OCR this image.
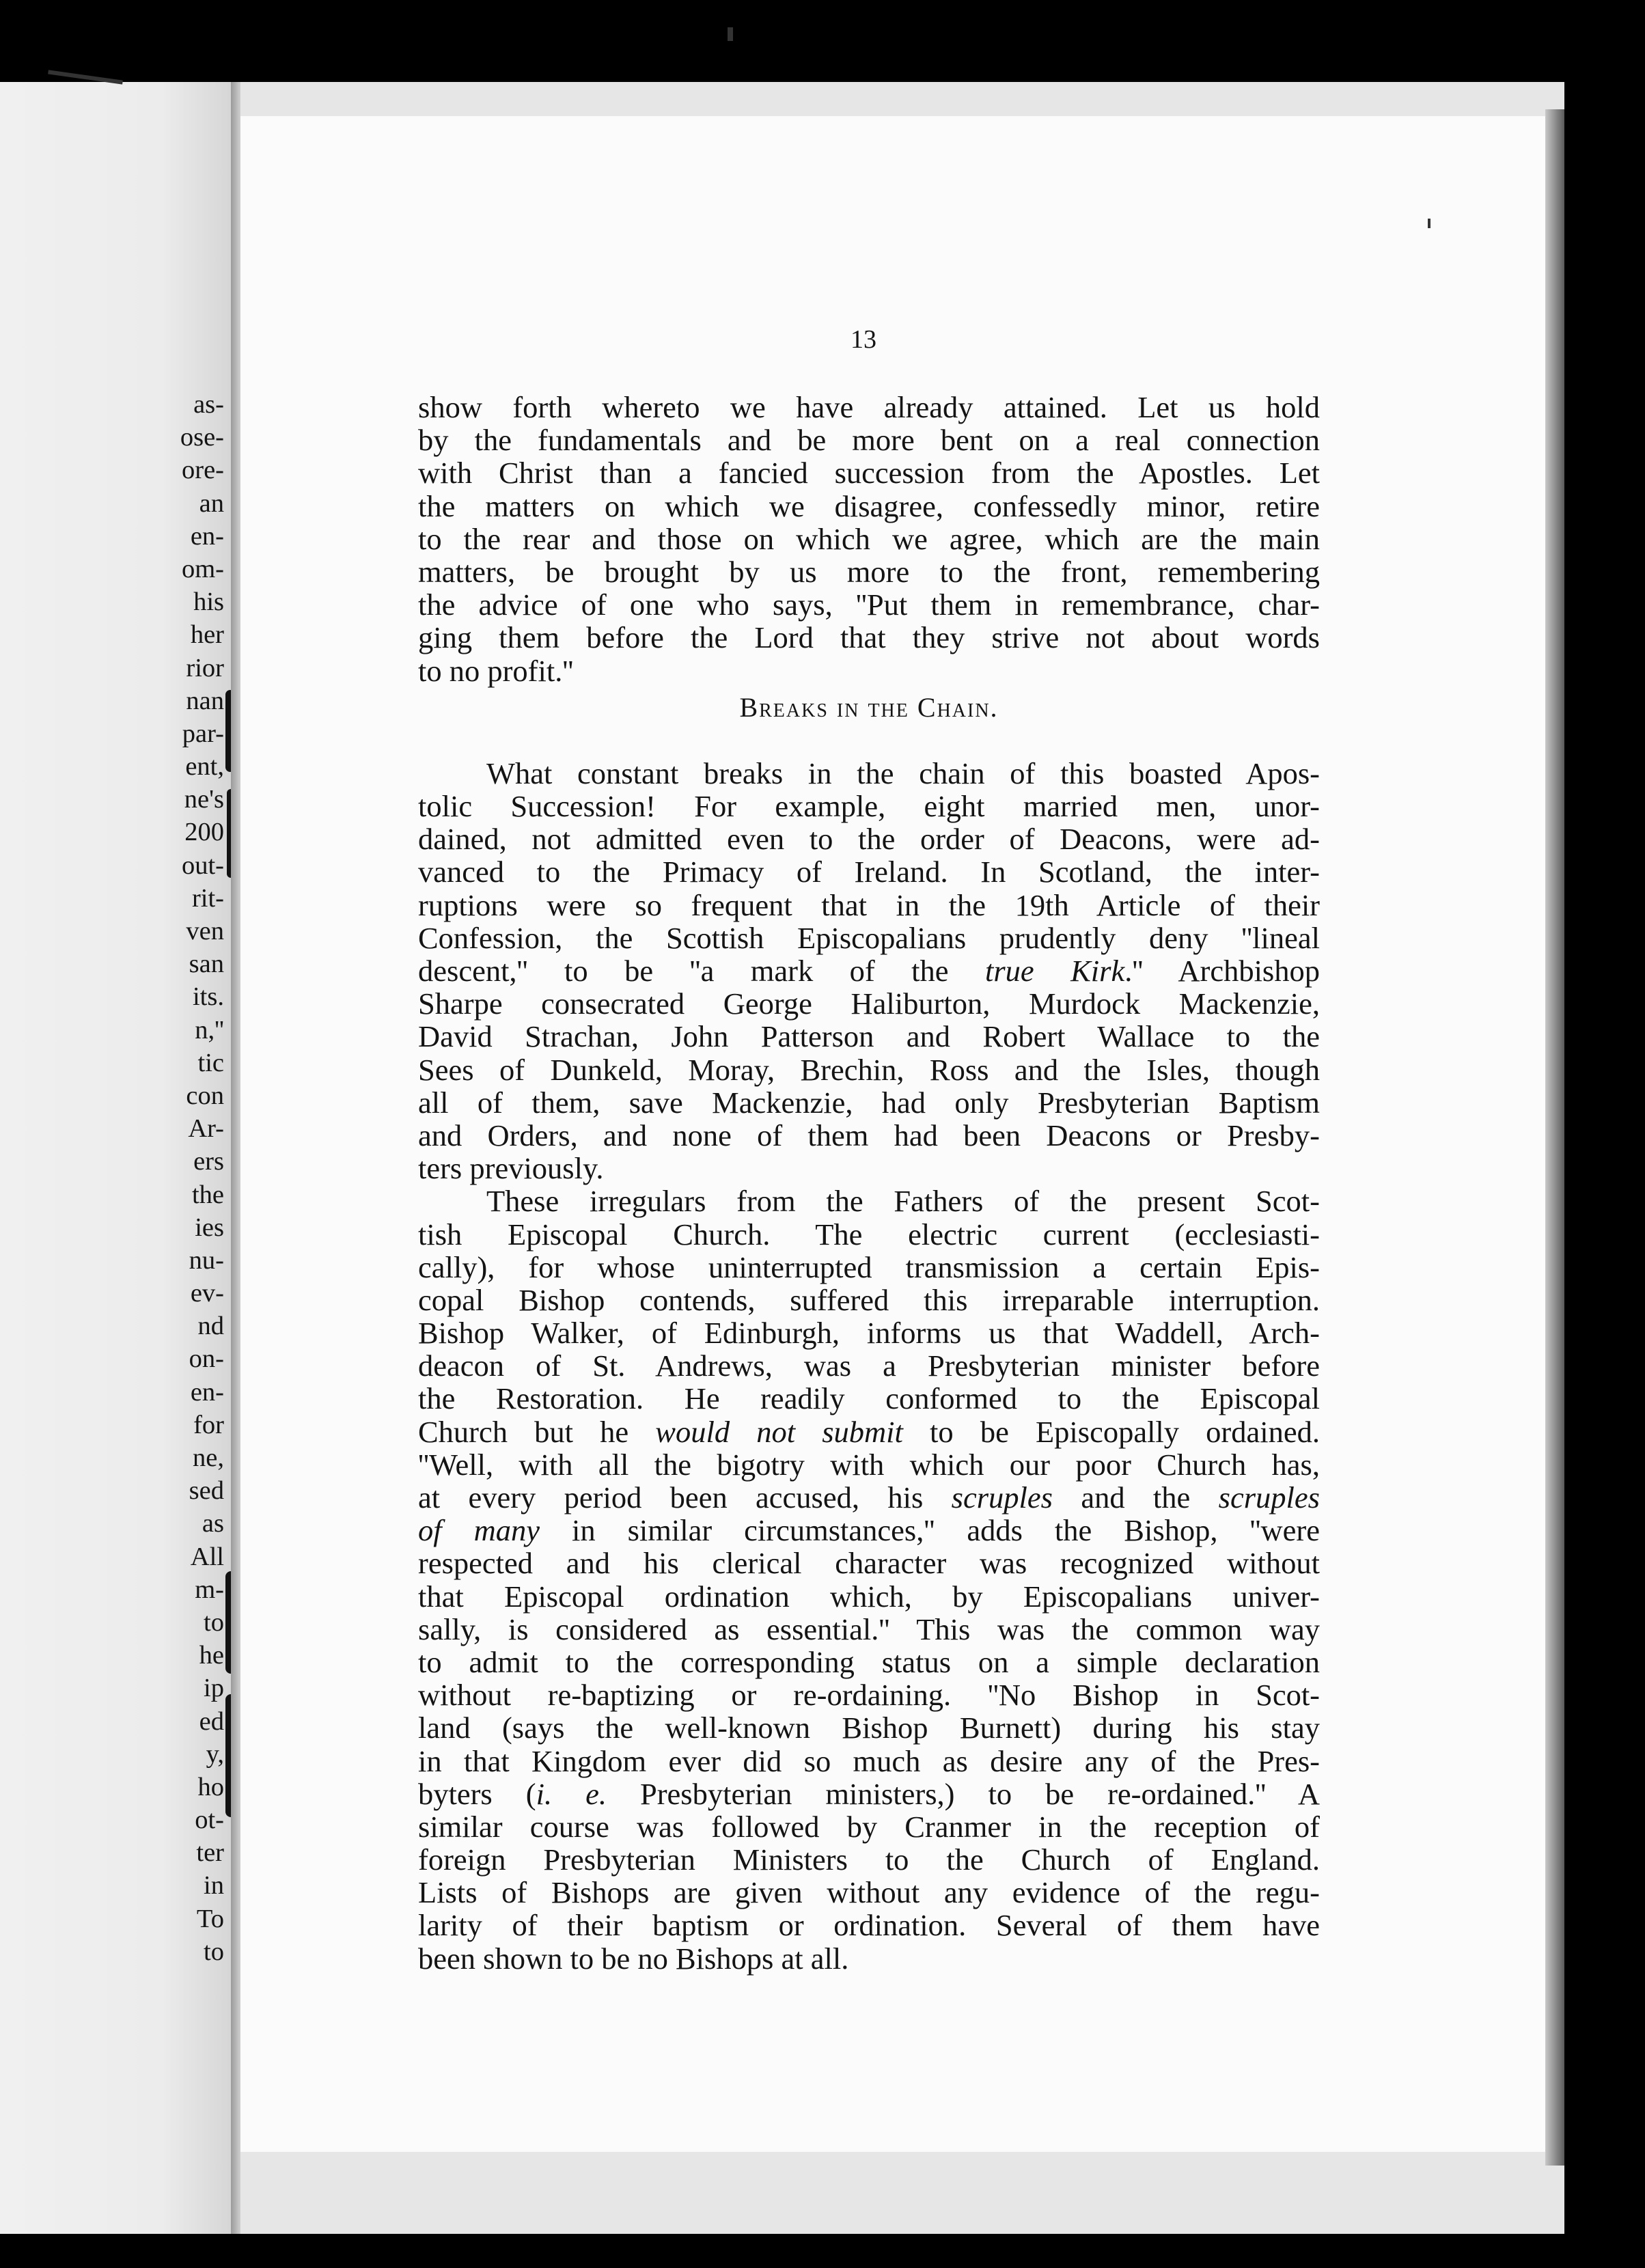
as-
ose-
ore-
an
en-
om-
his
her
rior
nan
par-
ent,
ne's
200
out-
rit-
ven
san
its.
n,''
tic
con
Ar-
ers
the
ies
nu-
ev-
nd
on-
en-
for
ne,
sed
as
All
m-
to
he
ip
ed
y,
ho
ot-
ter
in
To
to
13
show forth whereto we have already attained. Let us hold
by the fundamentals and be more bent on a real connection
with Christ than a fancied succession from the Apostles. Let
the matters on which we disagree, confessedly minor, retire
to the rear and those on which we agree, which are the main
matters, be brought by us more to the front, remembering
the advice of one who says, ''Put them in remembrance, char-
ging them before the Lord that they strive not about words
to no profit.''
Breaks in the Chain.
What constant breaks in the chain of this boasted Apos-
tolic Succession! For example, eight married men, unor-
dained, not admitted even to the order of Deacons, were ad-
vanced to the Primacy of Ireland. In Scotland, the inter-
ruptions were so frequent that in the 19th Article of their
Confession, the Scottish Episcopalians prudently deny ''lineal
descent,'' to be ''a mark of the true Kirk.'' Archbishop
Sharpe consecrated George Haliburton, Murdock Mackenzie,
David Strachan, John Patterson and Robert Wallace to the
Sees of Dunkeld, Moray, Brechin, Ross and the Isles, though
all of them, save Mackenzie, had only Presbyterian Baptism
and Orders, and none of them had been Deacons or Presby-
ters previously.
These irregulars from the Fathers of the present Scot-
tish Episcopal Church. The electric current (ecclesiasti-
cally), for whose uninterrupted transmission a certain Epis-
copal Bishop contends, suffered this irreparable interruption.
Bishop Walker, of Edinburgh, informs us that Waddell, Arch-
deacon of St. Andrews, was a Presbyterian minister before
the Restoration. He readily conformed to the Episcopal
Church but he would not submit to be Episcopally ordained.
''Well, with all the bigotry with which our poor Church has,
at every period been accused, his scruples and the scruples
of many in similar circumstances,'' adds the Bishop, ''were
respected and his clerical character was recognized without
that Episcopal ordination which, by Episcopalians univer-
sally, is considered as essential.'' This was the common way
to admit to the corresponding status on a simple declaration
without re-baptizing or re-ordaining. ''No Bishop in Scot-
land (says the well-known Bishop Burnett) during his stay
in that Kingdom ever did so much as desire any of the Pres-
byters (i. e. Presbyterian ministers,) to be re-ordained.'' A
similar course was followed by Cranmer in the reception of
foreign Presbyterian Ministers to the Church of England.
Lists of Bishops are given without any evidence of the regu-
larity of their baptism or ordination. Several of them have
been shown to be no Bishops at all.
